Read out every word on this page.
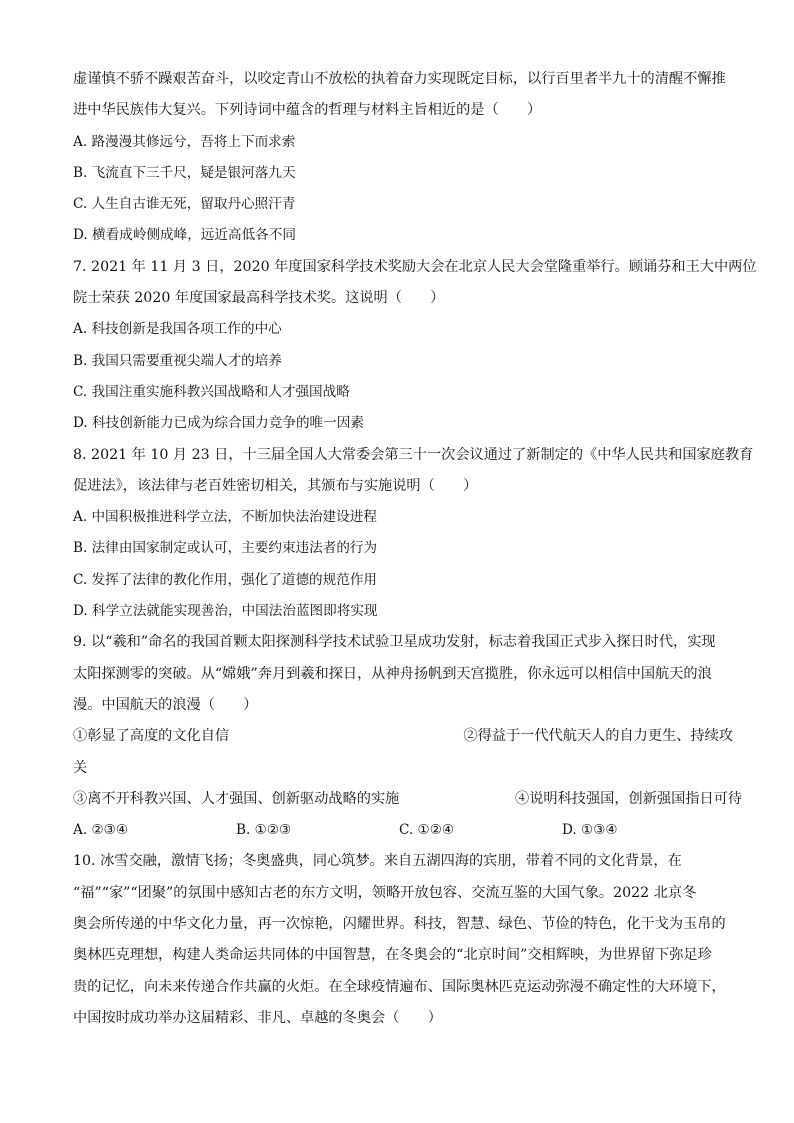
虚谨慎不骄不躁艰苦奋斗，以咬定青山不放松的执着奋力实现既定目标，以行百里者半九十的清醒不懈推
进中华民族伟大复兴。下列诗词中蕴含的哲理与材料主旨相近的是（　　）
A. 路漫漫其修远兮，吾将上下而求索
B. 飞流直下三千尺，疑是银河落九天
C. 人生自古谁无死，留取丹心照汗青
D. 横看成岭侧成峰，远近高低各不同
7. 2021 年 11 月 3 日，2020 年度国家科学技术奖励大会在北京人民大会堂隆重举行。顾诵芬和王大中两位
院士荣获 2020 年度国家最高科学技术奖。这说明（　　）
A. 科技创新是我国各项工作的中心
B. 我国只需要重视尖端人才的培养
C. 我国注重实施科教兴国战略和人才强国战略
D. 科技创新能力已成为综合国力竞争的唯一因素
8. 2021 年 10 月 23 日，十三届全国人大常委会第三十一次会议通过了新制定的《中华人民共和国家庭教育
促进法》，该法律与老百姓密切相关，其颁布与实施说明（　　）
A. 中国积极推进科学立法，不断加快法治建设进程
B. 法律由国家制定或认可，主要约束违法者的行为
C. 发挥了法律的教化作用，强化了道德的规范作用
D. 科学立法就能实现善治，中国法治蓝图即将实现
9. 以“羲和”命名的我国首颗太阳探测科学技术试验卫星成功发射，标志着我国正式步入探日时代，实现
太阳探测零的突破。从“嫦娥”奔月到羲和探日，从神舟扬帆到天宫揽胜，你永远可以相信中国航天的浪
漫。中国航天的浪漫（　　）
①彰显了高度的文化自信	②得益于一代代航天人的自力更生、持续攻
关
③离不开科教兴国、人才强国、创新驱动战略的实施	④说明科技强国，创新强国指日可待
A. ②③④	B. ①②③	C. ①②④	D. ①③④
10. 冰雪交融，激情飞扬；冬奥盛典，同心筑梦。来自五湖四海的宾朋，带着不同的文化背景，在
“福”“家”“团聚”的氛围中感知古老的东方文明，领略开放包容、交流互鉴的大国气象。2022 北京冬
奥会所传递的中华文化力量，再一次惊艳，闪耀世界。科技，智慧、绿色、节俭的特色，化干戈为玉帛的
奥林匹克理想，构建人类命运共同体的中国智慧，在冬奥会的“北京时间”交相辉映，为世界留下弥足珍
贵的记忆，向未来传递合作共赢的火炬。在全球疫情遍布、国际奥林匹克运动弥漫不确定性的大环境下，
中国按时成功举办这届精彩、非凡、卓越的冬奥会（　　）
